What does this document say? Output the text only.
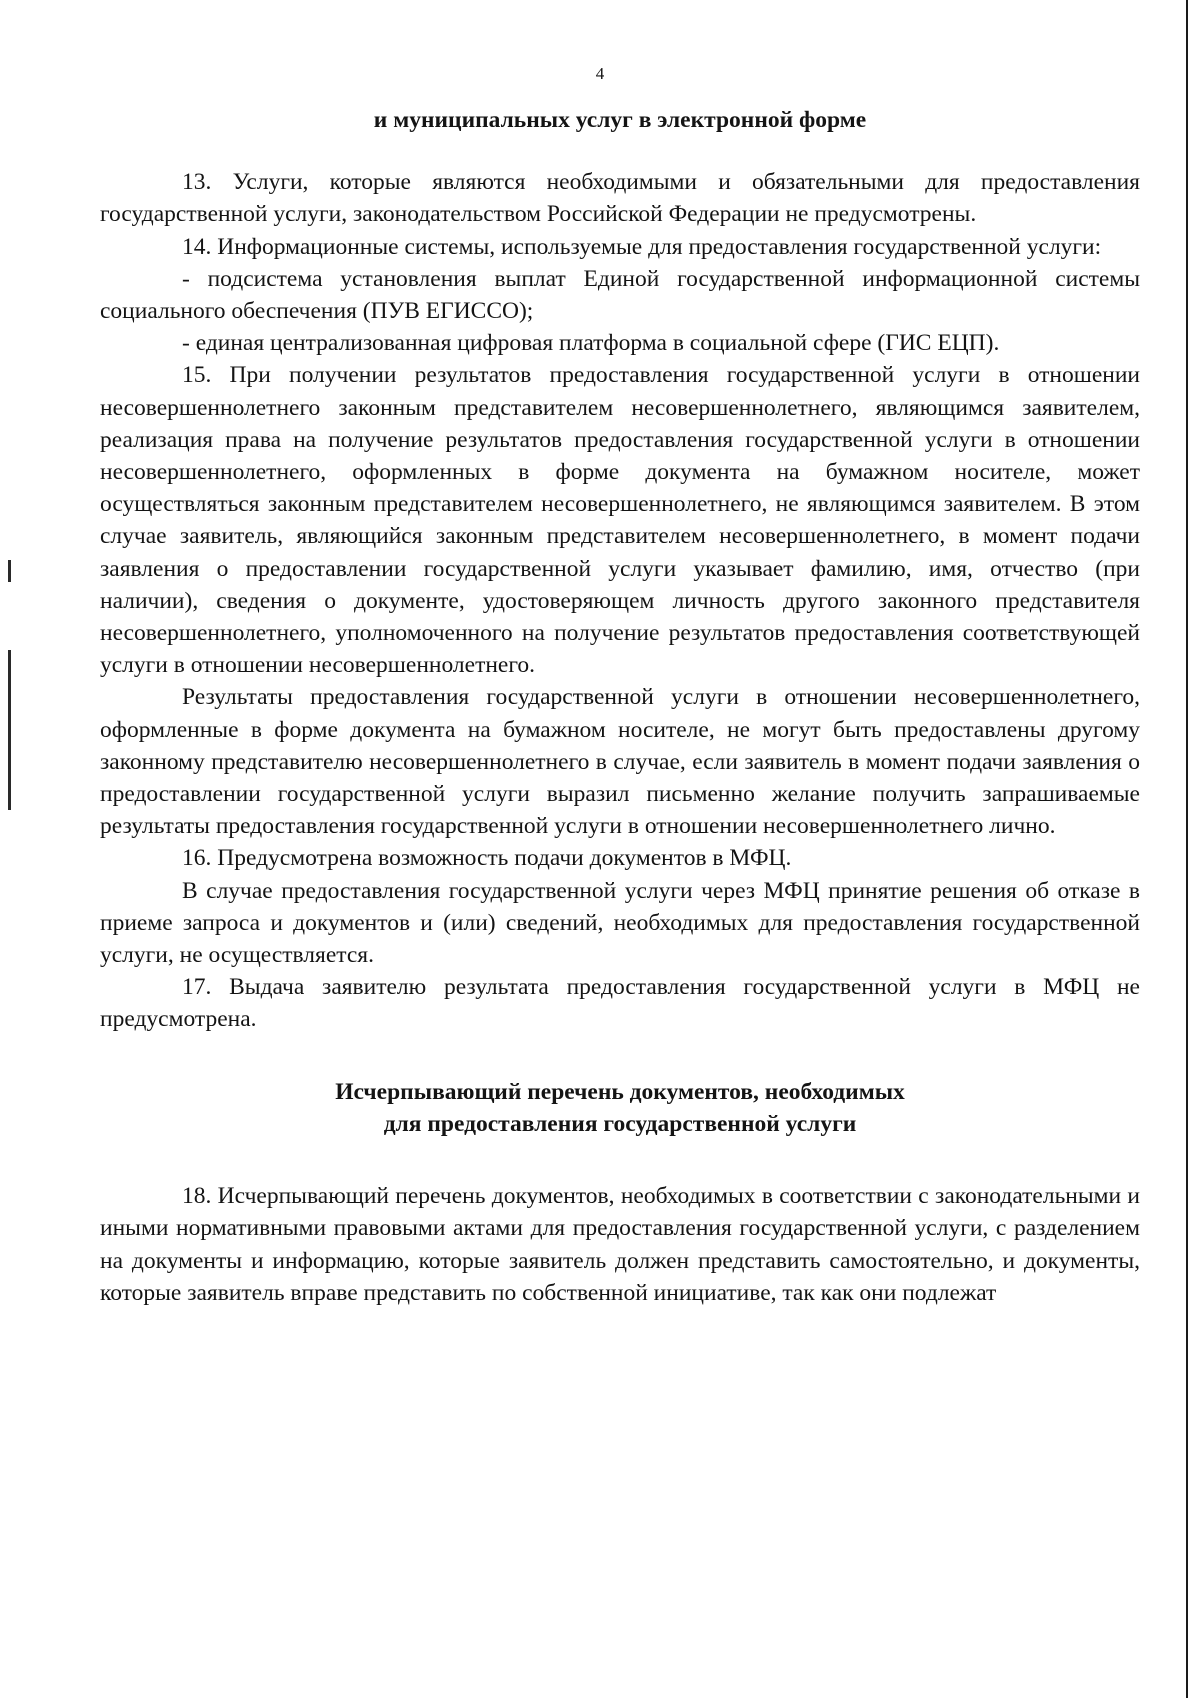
4

и муниципальных услуг в электронной форме

13. Услуги, которые являются необходимыми и обязательными для предоставления государственной услуги, законодательством Российской Федерации не предусмотрены.

14. Информационные системы, используемые для предоставления государственной услуги:

- подсистема установления выплат Единой государственной информационной системы социального обеспечения (ПУВ ЕГИССО);

- единая централизованная цифровая платформа в социальной сфере (ГИС ЕЦП).

15. При получении результатов предоставления государственной услуги в отношении несовершеннолетнего законным представителем несовершеннолетнего, являющимся заявителем, реализация права на получение результатов предоставления государственной услуги в отношении несовершеннолетнего, оформленных в форме документа на бумажном носителе, может осуществляться законным представителем несовершеннолетнего, не являющимся заявителем. В этом случае заявитель, являющийся законным представителем несовершеннолетнего, в момент подачи заявления о предоставлении государственной услуги указывает фамилию, имя, отчество (при наличии), сведения о документе, удостоверяющем личность другого законного представителя несовершеннолетнего, уполномоченного на получение результатов предоставления соответствующей услуги в отношении несовершеннолетнего.

Результаты предоставления государственной услуги в отношении несовершеннолетнего, оформленные в форме документа на бумажном носителе, не могут быть предоставлены другому законному представителю несовершеннолетнего в случае, если заявитель в момент подачи заявления о предоставлении государственной услуги выразил письменно желание получить запрашиваемые результаты предоставления государственной услуги в отношении несовершеннолетнего лично.

16. Предусмотрена возможность подачи документов в МФЦ.

В случае предоставления государственной услуги через МФЦ принятие решения об отказе в приеме запроса и документов и (или) сведений, необходимых для предоставления государственной услуги, не осуществляется.

17. Выдача заявителю результата предоставления государственной услуги в МФЦ не предусмотрена.

Исчерпывающий перечень документов, необходимых

для предоставления государственной услуги

18. Исчерпывающий перечень документов, необходимых в соответствии с законодательными и иными нормативными правовыми актами для предоставления государственной услуги, с разделением на документы и информацию, которые заявитель должен представить самостоятельно, и документы, которые заявитель вправе представить по собственной инициативе, так как они подлежат
